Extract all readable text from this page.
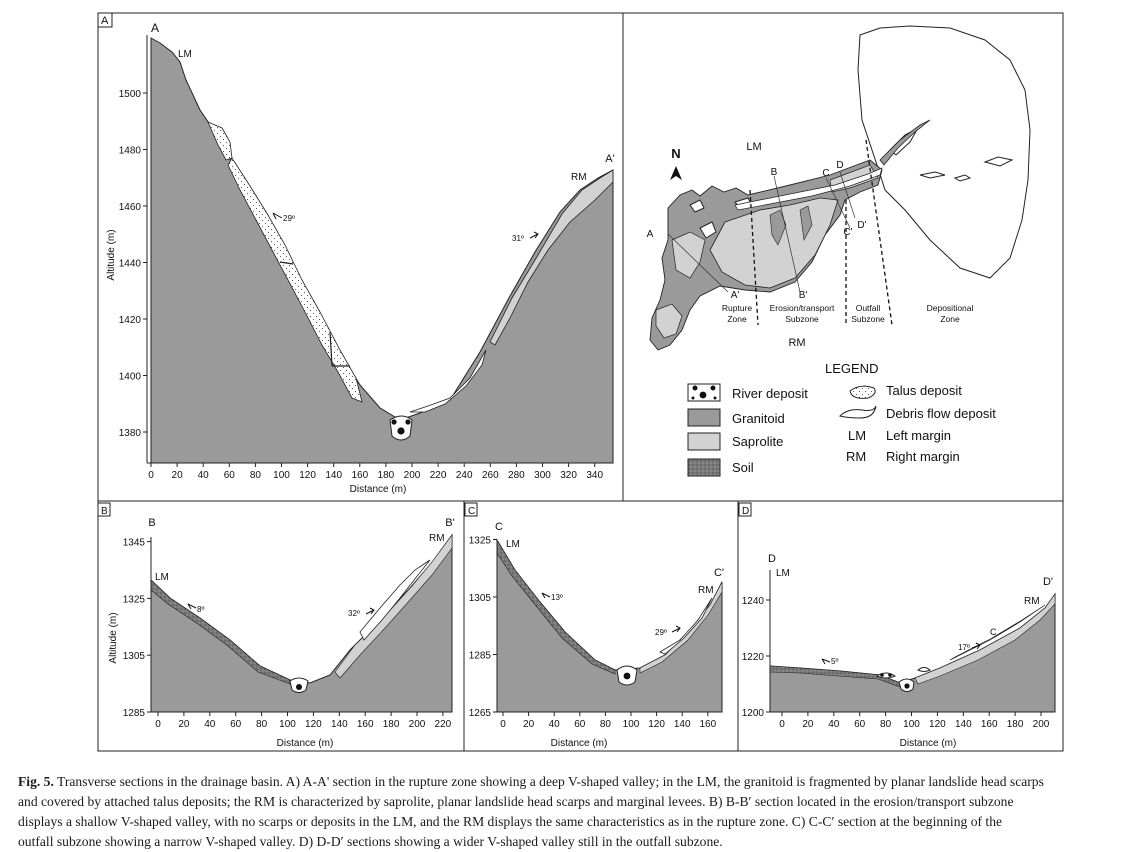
A
1380
1400
1420
1440
1460
1480
1500
0 20 40 60 80 100 120 140 160 180 200 220 240 260 280 300 320 340
Altitude (m)
Distance (m)
A
A'
LM
RM
29º
31º
N	LM
RM
A
B	C
D
A'	B'
C'
D'
Rupture
Zone
Erosion/transport
Subzone
Outfall
Subzone
Depositional
Zone
LEGEND
River deposit
Granitoid
Saprolite
Soil
Talus deposit
Debris flow deposit
LM Left margin
RM Right margin
B
1285
1305
1325
1345
0 20 40 60 80 100 120 140 160 180 200 220
Altitude (m)
Distance (m)
B	B'
LM
RM
8º	32º
C
1265
1285
1305
1325
0 20 40 60 80 100 120 140 160
Distance (m)
C
C'
LM
RM
13º
29º
D
1200
1220
1240
0 20 40 60 80 100 120 140 160 180 200
Distance (m)
D
D'
LM
RM
5º
17º
C

Fig. 5. Transverse sections in the drainage basin. A) A-A' section in the rupture zone showing a deep V-shaped valley; in the LM, the granitoid is fragmented by planar landslide head scarps

and covered by attached talus deposits; the RM is characterized by saprolite, planar landslide head scarps and marginal levees. B) B-B′ section located in the erosion/transport subzone

displays a shallow V-shaped valley, with no scarps or deposits in the LM, and the RM displays the same characteristics as in the rupture zone. C) C-C′ section at the beginning of the

outfall subzone showing a narrow V-shaped valley. D) D-D′ sections showing a wider V-shaped valley still in the outfall subzone.
